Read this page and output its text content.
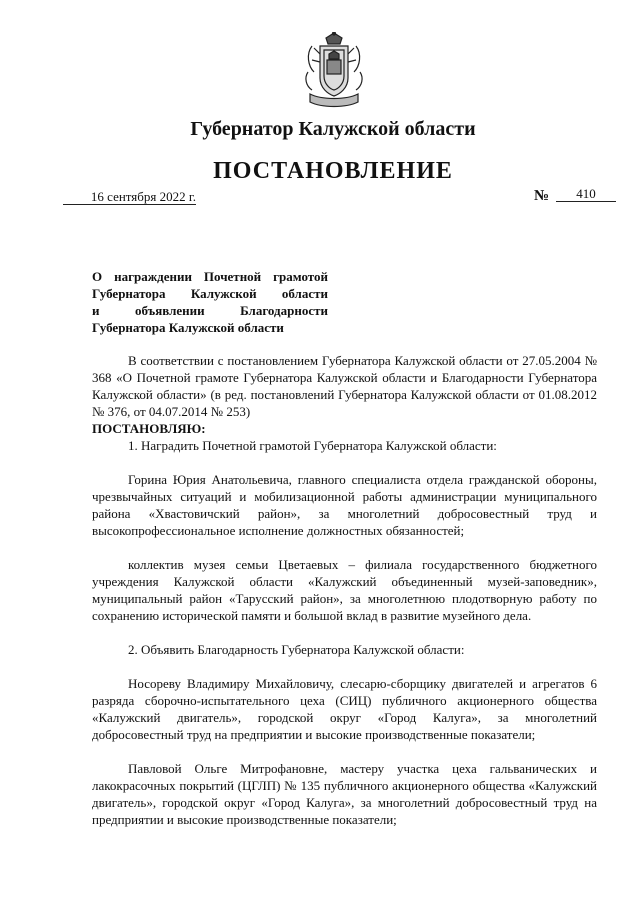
Губернатор Калужской области
ПОСТАНОВЛЕНИЕ
16 сентября 2022 г.	№	410
О награждении Почетной грамотой
Губернатора Калужской области
и объявлении Благодарности
Губернатора Калужской области

В соответствии с постановлением Губернатора Калужской области от 27.05.2004 № 368 «О Почетной грамоте Губернатора Калужской области и Благодарности Губернатора Калужской области» (в ред. постановлений Губернатора Калужской области от 01.08.2012 № 376, от 04.07.2014 № 253)

ПОСТАНОВЛЯЮ:

1. Наградить Почетной грамотой Губернатора Калужской области:

Горина Юрия Анатольевича, главного специалиста отдела гражданской обороны, чрезвычайных ситуаций и мобилизационной работы администрации муниципального района «Хвастовичский район», за многолетний добросовестный труд и высокопрофессиональное исполнение должностных обязанностей;

коллектив музея семьи Цветаевых – филиала государственного бюджетного учреждения Калужской области «Калужский объединенный музей-заповедник», муниципальный район «Тарусский район», за многолетнюю плодотворную работу по сохранению исторической памяти и большой вклад в развитие музейного дела.

2. Объявить Благодарность Губернатора Калужской области:

Носореву Владимиру Михайловичу, слесарю-сборщику двигателей и агрегатов 6 разряда сборочно-испытательного цеха (СИЦ) публичного акционерного общества «Калужский двигатель», городской округ «Город Калуга», за многолетний добросовестный труд на предприятии и высокие производственные показатели;

Павловой Ольге Митрофановне, мастеру участка цеха гальванических и лакокрасочных покрытий (ЦГЛП) № 135 публичного акционерного общества «Калужский двигатель», городской округ «Город Калуга», за многолетний добросовестный труд на предприятии и высокие производственные показатели;
